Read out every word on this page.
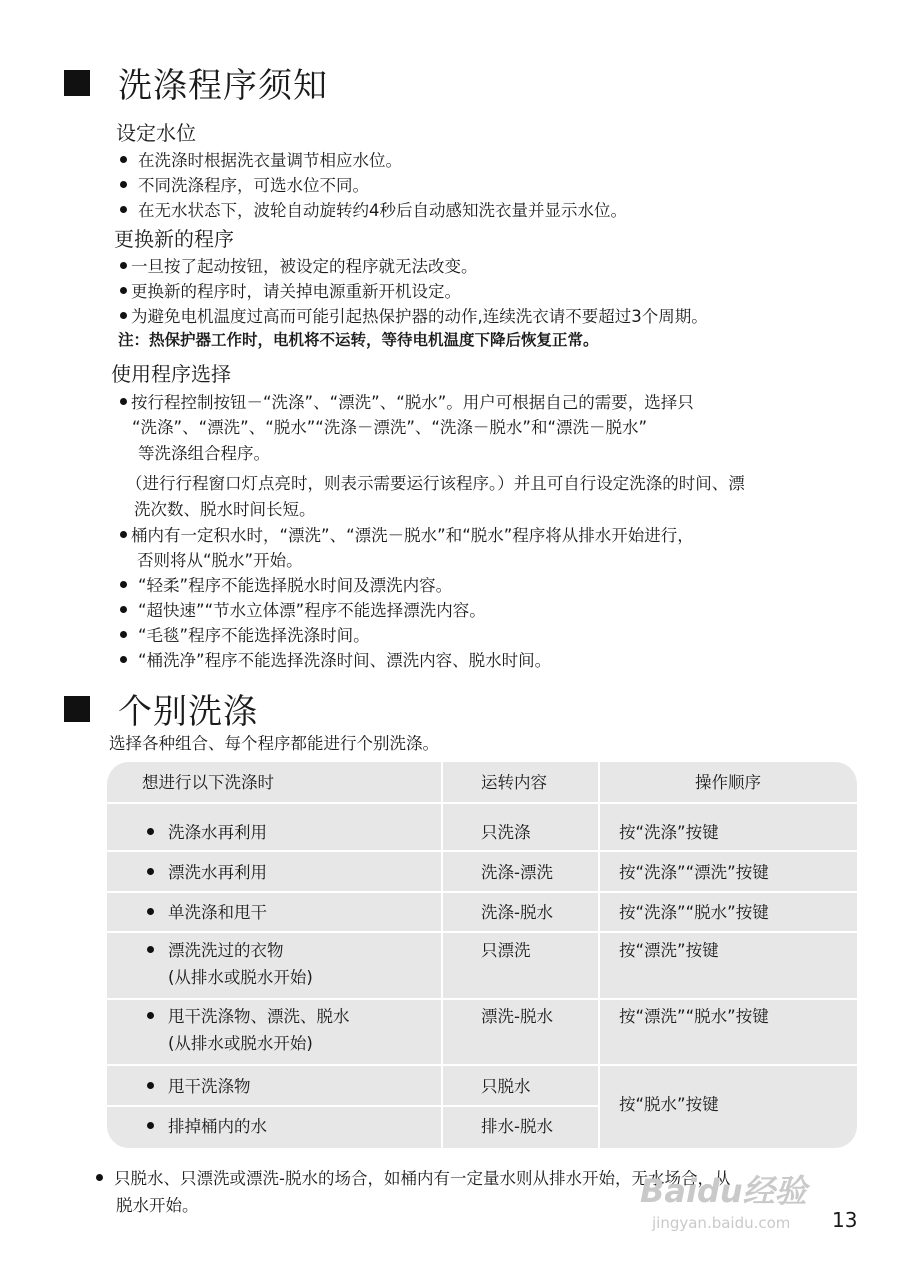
洗涤程序须知
设定水位
在洗涤时根据洗衣量调节相应水位。
不同洗涤程序，可选水位不同。
在无水状态下，波轮自动旋转约4秒后自动感知洗衣量并显示水位。
更换新的程序
一旦按了起动按钮，被设定的程序就无法改变。
更换新的程序时，请关掉电源重新开机设定。
为避免电机温度过高而可能引起热保护器的动作,连续洗衣请不要超过3个周期。
注：热保护器工作时，电机将不运转，等待电机温度下降后恢复正常。
使用程序选择
按行程控制按钮－“洗涤”、“漂洗”、“脱水”。用户可根据自己的需要，选择只
“洗涤”、“漂洗”、“脱水”“洗涤－漂洗”、“洗涤－脱水”和“漂洗－脱水”
等洗涤组合程序。
（进行行程窗口灯点亮时，则表示需要运行该程序。）并且可自行设定洗涤的时间、漂
洗次数、脱水时间长短。
桶内有一定积水时，“漂洗”、“漂洗－脱水”和“脱水”程序将从排水开始进行，
否则将从“脱水”开始。
“轻柔”程序不能选择脱水时间及漂洗内容。
“超快速”“节水立体漂”程序不能选择漂洗内容。
“毛毯”程序不能选择洗涤时间。
“桶洗净”程序不能选择洗涤时间、漂洗内容、脱水时间。
个别洗涤
选择各种组合、每个程序都能进行个别洗涤。
想进行以下洗涤时	运转内容	操作顺序
洗涤水再利用	只洗涤	按“洗涤”按键
漂洗水再利用	洗涤-漂洗	按“洗涤”“漂洗”按键
单洗涤和甩干	洗涤-脱水	按“洗涤”“脱水”按键
漂洗洗过的衣物
(从排水或脱水开始)
只漂洗	按“漂洗”按键
甩干洗涤物、漂洗、脱水
(从排水或脱水开始)
漂洗-脱水	按“漂洗”“脱水”按键
甩干洗涤物	只脱水
排掉桶内的水	排水-脱水
按“脱水”按键
只脱水、只漂洗或漂洗-脱水的场合，如桶内有一定量水则从排水开始，无水场合，从
脱水开始。
13
Baidu经验
jingyan.baidu.com
